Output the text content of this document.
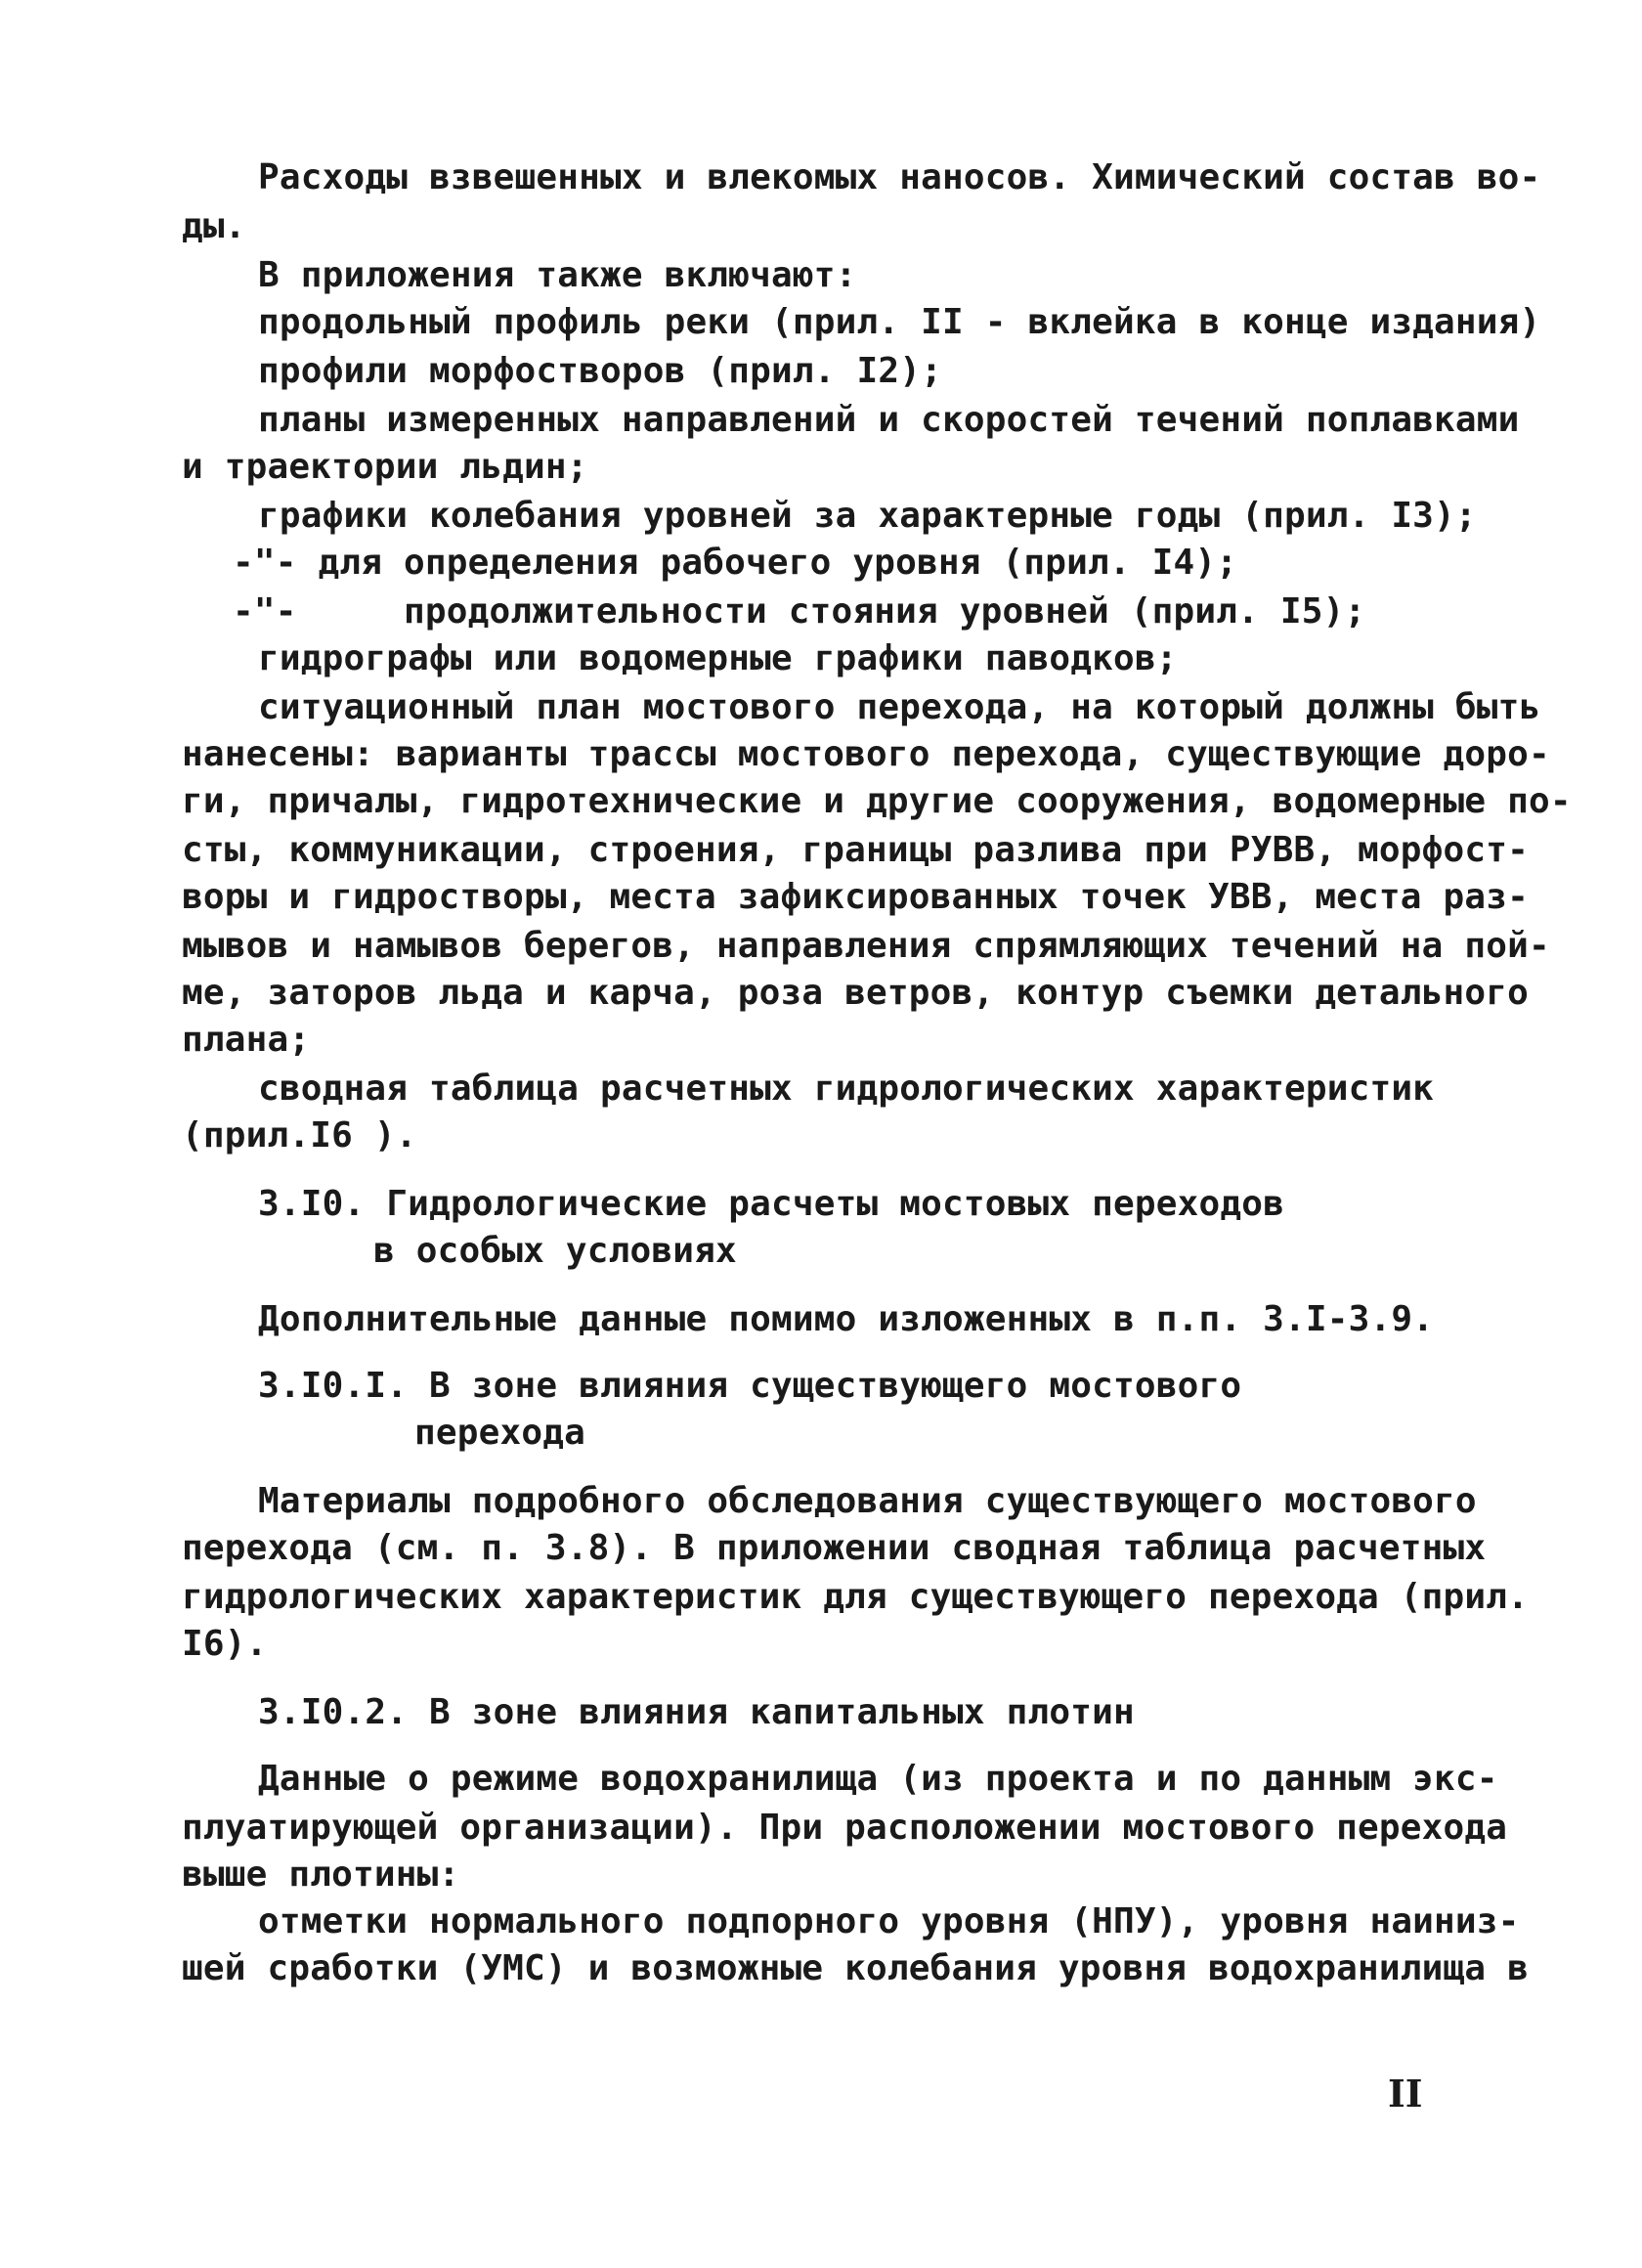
Расходы взвешенных и влекомых наносов. Химический состав во-
ды.
В приложения также включают:
продольный профиль реки (прил. II - вклейка в конце издания)
профили морфостворов (прил. I2);
планы измеренных направлений и скоростей течений поплавками
и траектории льдин;
графики колебания уровней за характерные годы (прил. I3);
-"- для определения рабочего уровня (прил. I4);
-"-     продолжительности стояния уровней (прил. I5);
гидрографы или водомерные графики паводков;
ситуационный план мостового перехода, на который должны быть
нанесены: варианты трассы мостового перехода, существующие доро-
ги, причалы, гидротехнические и другие сооружения, водомерные по-
сты, коммуникации, строения, границы разлива при РУВВ, морфост-
воры и гидростворы, места зафиксированных точек УВВ, места раз-
мывов и намывов берегов, направления спрямляющих течений на пой-
ме, заторов льда и карча, роза ветров, контур съемки детального
плана;
сводная таблица расчетных гидрологических характеристик
(прил.I6 ).
3.I0. Гидрологические расчеты мостовых переходов
в особых условиях
Дополнительные данные помимо изложенных в п.п. 3.I-3.9.
3.I0.I. В зоне влияния существующего мостового
перехода
Материалы подробного обследования существующего мостового
перехода (см. п. 3.8). В приложении сводная таблица расчетных
гидрологических характеристик для существующего перехода (прил.
I6).
3.I0.2. В зоне влияния капитальных плотин
Данные о режиме водохранилища (из проекта и по данным экс-
плуатирующей организации). При расположении мостового перехода
выше плотины:
отметки нормального подпорного уровня (НПУ), уровня наиниз-
шей сработки (УМС) и возможные колебания уровня водохранилища в
II
